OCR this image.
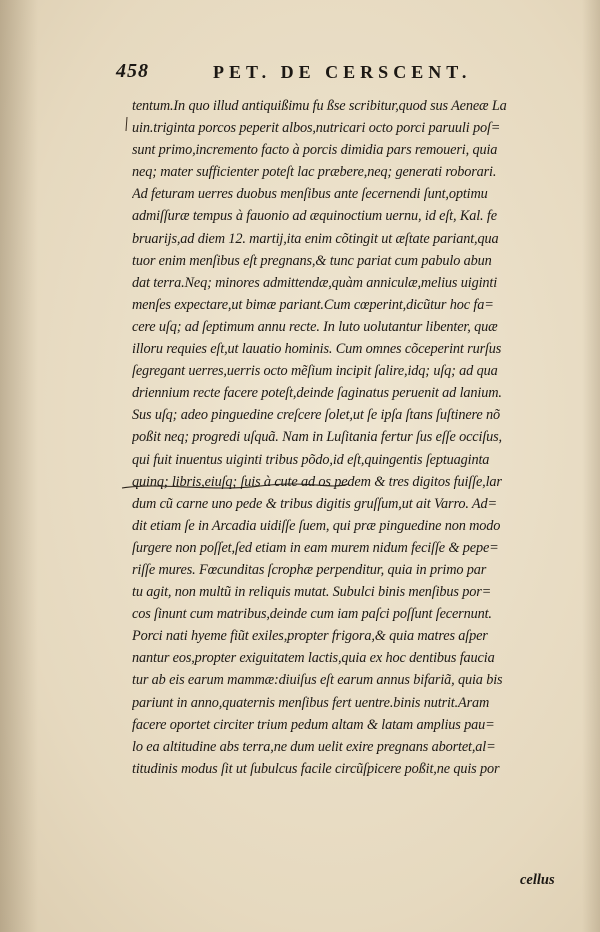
458	PET. DE CERSCENT.
tentum.In quo illud antiquißimu fu ßse scribitur,quod sus Aeneæ La
uin.triginta porcos peperit albos,nutricari octo porci paruuli poſ=
sunt primo,incremento facto à porcis dimidia pars remoueri, quia
neq; mater sufficienter poteſt lac præbere,neq; generati roborari.
Ad feturam uerres duobus menſibus ante ſecernendi ſunt,optimu
admiſſuræ tempus à fauonio ad æquinoctium uernu, id eſt, Kal. fe
bruarijs,ad diem 12. martij,ita enim cõtingit ut æſtate pariant,qua
tuor enim menſibus eſt pregnans,& tunc pariat cum pabulo abun
dat terra.Neq; minores admittendæ,quàm anniculæ,melius uiginti
menſes expectare,ut bimæ pariant.Cum cœperint,dicũtur hoc fa=
cere uſq; ad ſeptimum annu recte. In luto uolutantur libenter, quæ
illoru requies eſt,ut lauatio hominis. Cum omnes cõceperint rurſus
ſegregant uerres,uerris octo mẽſium incipit ſalire,idq; uſq; ad qua
driennium recte facere poteſt,deinde ſaginatus peruenit ad lanium.
Sus uſq; adeo pinguedine creſcere ſolet,ut ſe ipſa ſtans ſuſtinere nõ
poßit neq; progredi uſquã. Nam in Luſitania fertur ſus eſſe occiſus,
qui fuit inuentus uiginti tribus põdo,id eſt,quingentis ſeptuaginta
quinq; libris,eiuſq; ſuis à cute ad os pedem & tres digitos fuiſſe,lar
dum cũ carne uno pede & tribus digitis gruſſum,ut ait Varro. Ad=
dit etiam ſe in Arcadia uidiſſe ſuem, qui præ pinguedine non modo
ſurgere non poſſet,ſed etiam in eam murem nidum feciſſe & pepe=
riſſe mures. Fœcunditas ſcrophæ perpenditur, quia in primo par
tu agit, non multũ in reliquis mutat. Subulci binis menſibus por=
cos ſinunt cum matribus,deinde cum iam paſci poſſunt ſecernunt.
Porci nati hyeme fiũt exiles,propter frigora,& quia matres aſper
nantur eos,propter exiguitatem lactis,quia ex hoc dentibus faucia
tur ab eis earum mammæ:diuiſus eſt earum annus bifariã, quia bis
pariunt in anno,quaternis menſibus fert uentre.binis nutrit.Aram
facere oportet circiter trium pedum altam & latam amplius pau=
lo ea altitudine abs terra,ne dum uelit exire pregnans abortet,al=
titudinis modus ſit ut ſubulcus facile circũſpicere poßit,ne quis por
cellus
